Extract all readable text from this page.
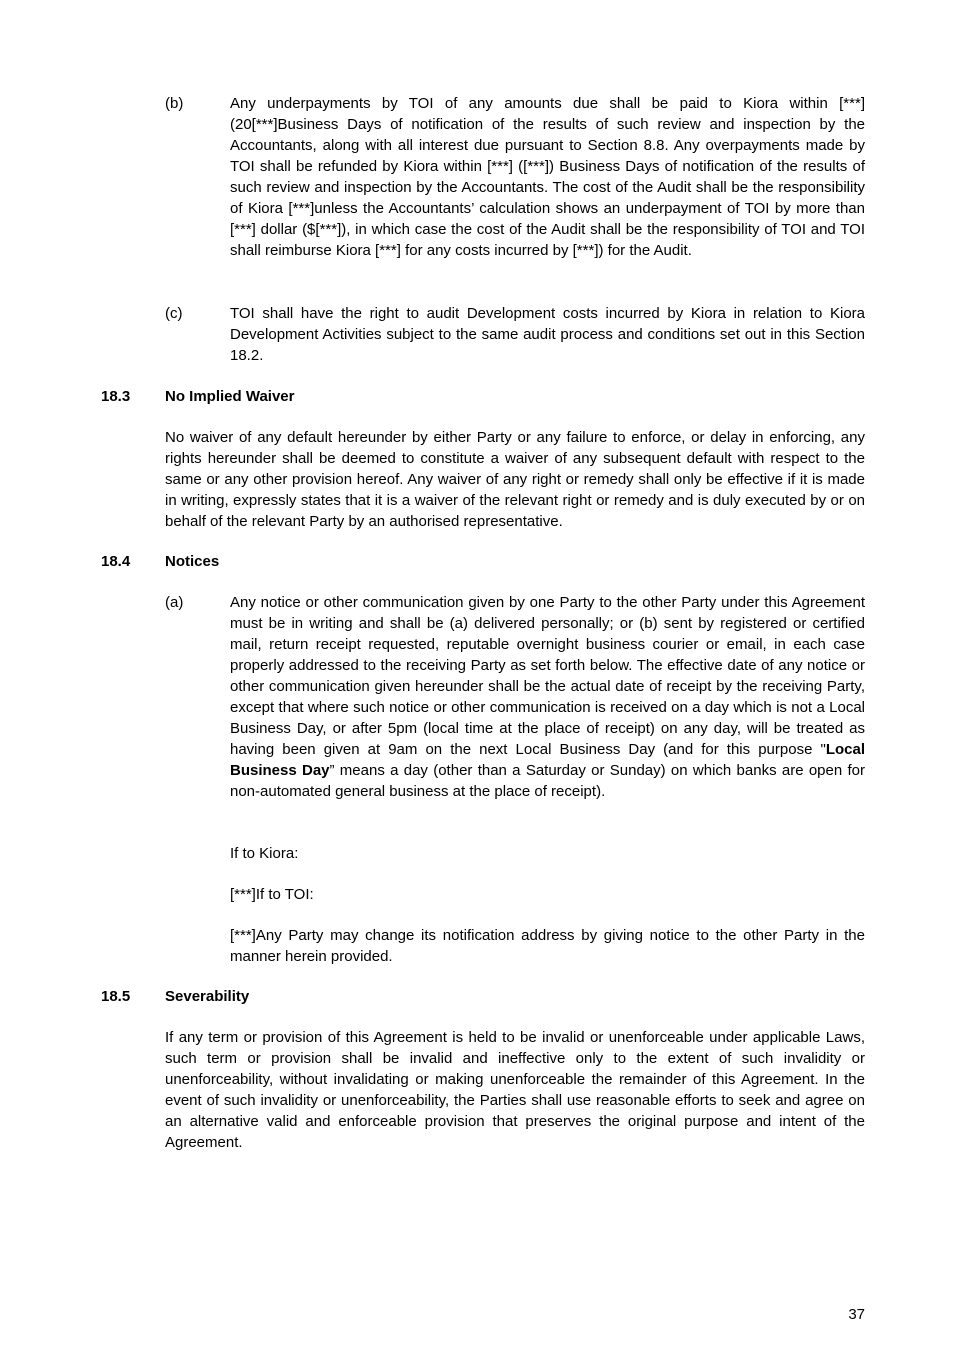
(b)	Any underpayments by TOI of any amounts due shall be paid to Kiora within [***] (20[***]Business Days of notification of the results of such review and inspection by the Accountants, along with all interest due pursuant to Section 8.8. Any overpayments made by TOI shall be refunded by Kiora within [***] ([***]) Business Days of notification of the results of such review and inspection by the Accountants. The cost of the Audit shall be the responsibility of Kiora [***]unless the Accountants’ calculation shows an underpayment of TOI by more than [***] dollar ($[***]), in which case the cost of the Audit shall be the responsibility of TOI and TOI shall reimburse Kiora [***] for any costs incurred by [***]) for the Audit.
(c)	TOI shall have the right to audit Development costs incurred by Kiora in relation to Kiora Development Activities subject to the same audit process and conditions set out in this Section 18.2.
18.3 No Implied Waiver
No waiver of any default hereunder by either Party or any failure to enforce, or delay in enforcing, any rights hereunder shall be deemed to constitute a waiver of any subsequent default with respect to the same or any other provision hereof. Any waiver of any right or remedy shall only be effective if it is made in writing, expressly states that it is a waiver of the relevant right or remedy and is duly executed by or on behalf of the relevant Party by an authorised representative.
18.4 Notices
(a)	Any notice or other communication given by one Party to the other Party under this Agreement must be in writing and shall be (a) delivered personally; or (b) sent by registered or certified mail, return receipt requested, reputable overnight business courier or email, in each case properly addressed to the receiving Party as set forth below. The effective date of any notice or other communication given hereunder shall be the actual date of receipt by the receiving Party, except that where such notice or other communication is received on a day which is not a Local Business Day, or after 5pm (local time at the place of receipt) on any day, will be treated as having been given at 9am on the next Local Business Day (and for this purpose "Local Business Day” means a day (other than a Saturday or Sunday) on which banks are open for non-automated general business at the place of receipt).
If to Kiora:
[***]If to TOI:
[***]Any Party may change its notification address by giving notice to the other Party in the manner herein provided.
18.5 Severability
If any term or provision of this Agreement is held to be invalid or unenforceable under applicable Laws, such term or provision shall be invalid and ineffective only to the extent of such invalidity or unenforceability, without invalidating or making unenforceable the remainder of this Agreement. In the event of such invalidity or unenforceability, the Parties shall use reasonable efforts to seek and agree on an alternative valid and enforceable provision that preserves the original purpose and intent of the Agreement.
37
